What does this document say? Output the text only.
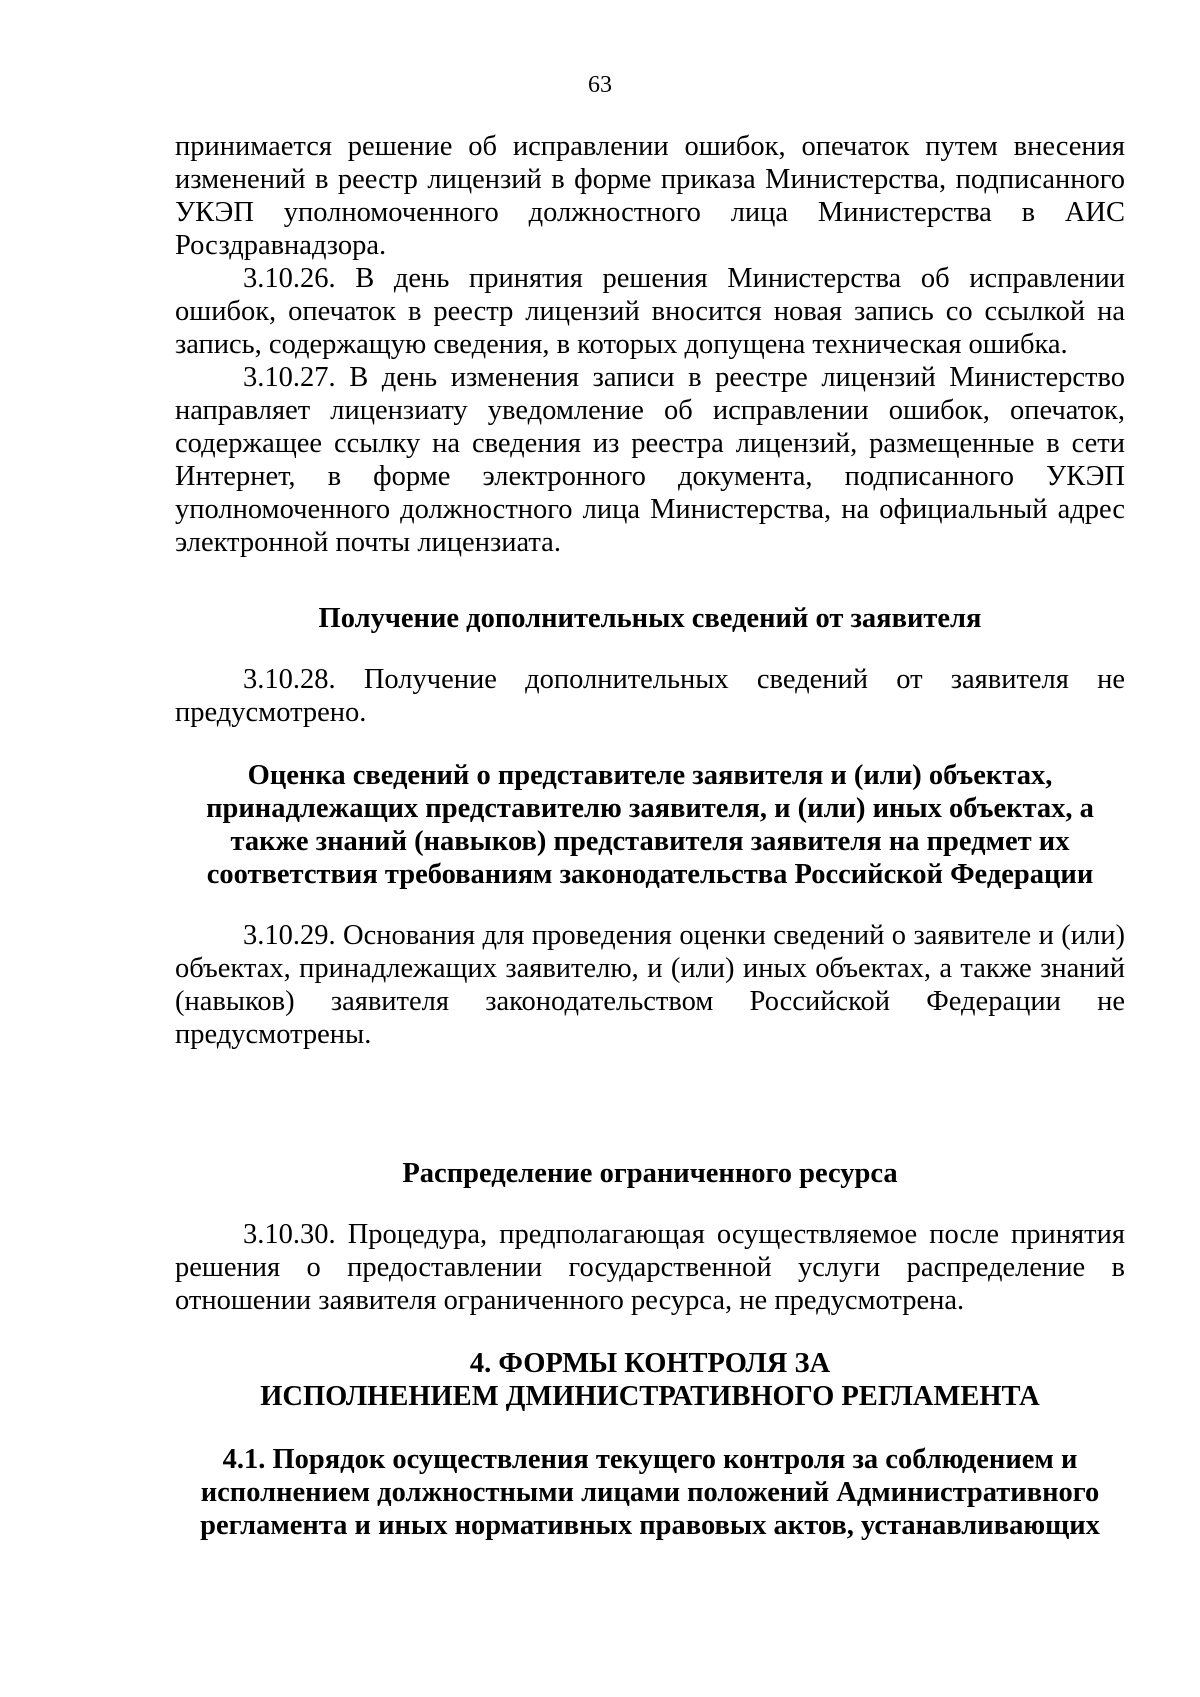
63

принимается решение об исправлении ошибок, опечаток путем внесения изменений в реестр лицензий в форме приказа Министерства, подписанного УКЭП уполномоченного должностного лица Министерства в АИС Росздравнадзора.

3.10.26. В день принятия решения Министерства об исправлении ошибок, опечаток в реестр лицензий вносится новая запись со ссылкой на запись, содержащую сведения, в которых допущена техническая ошибка.

3.10.27. В день изменения записи в реестре лицензий Министерство направляет лицензиату уведомление об исправлении ошибок, опечаток, содержащее ссылку на сведения из реестра лицензий, размещенные в сети Интернет, в форме электронного документа, подписанного УКЭП уполномоченного должностного лица Министерства, на официальный адрес электронной почты лицензиата.

Получение дополнительных сведений от заявителя

3.10.28. Получение дополнительных сведений от заявителя не предусмотрено.

Оценка сведений о представителе заявителя и (или) объектах,
принадлежащих представителю заявителя, и (или) иных объектах, а
также знаний (навыков) представителя заявителя на предмет их
соответствия требованиям законодательства Российской Федерации

3.10.29. Основания для проведения оценки сведений о заявителе и (или) объектах, принадлежащих заявителю, и (или) иных объектах, а также знаний (навыков) заявителя законодательством Российской Федерации не предусмотрены.

Распределение ограниченного ресурса

3.10.30. Процедура, предполагающая осуществляемое после принятия решения о предоставлении государственной услуги распределение в отношении заявителя ограниченного ресурса, не предусмотрена.

4. ФОРМЫ КОНТРОЛЯ ЗА
ИСПОЛНЕНИЕМ ДМИНИСТРАТИВНОГО РЕГЛАМЕНТА
4.1. Порядок осуществления текущего контроля за соблюдением и
исполнением должностными лицами положений Административного
регламента и иных нормативных правовых актов, устанавливающих
